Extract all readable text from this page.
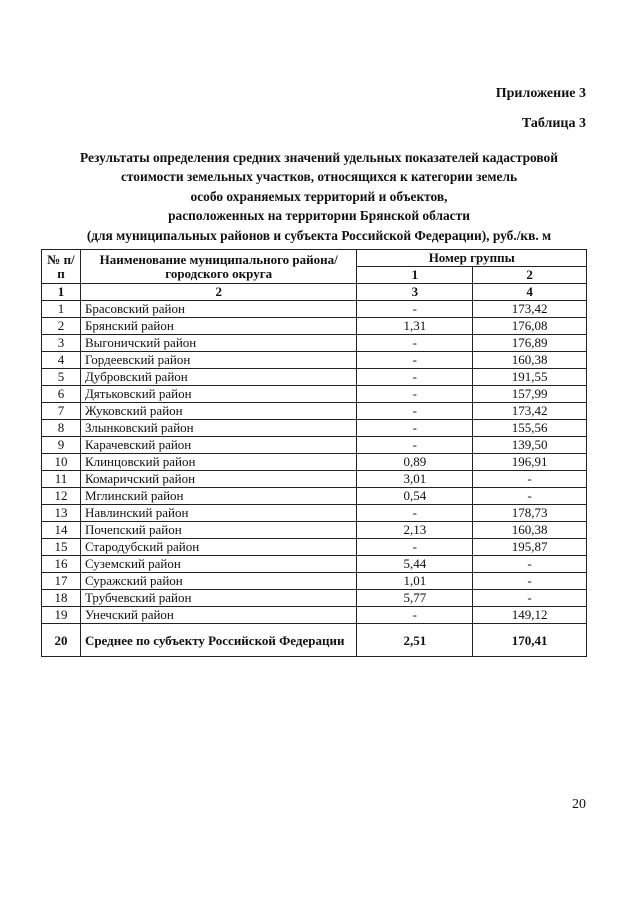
Приложение 3
Таблица 3
Результаты определения средних значений удельных показателей кадастровой
стоимости земельных участков, относящихся к категории земель
особо охраняемых территорий и объектов,
расположенных на территории Брянской области
(для муниципальных районов и субъекта Российской Федерации), руб./кв. м
№ п/п	Наименование муниципального района/городского округа	Номер группы	
		1	2
1	2	3	4
1	Брасовский район	-	173,42
2	Брянский район	1,31	176,08
3	Выгоничский район	-	176,89
4	Гордеевский район	-	160,38
5	Дубровский район	-	191,55
6	Дятьковский район	-	157,99
7	Жуковский район	-	173,42
8	Злынковский район	-	155,56
9	Карачевский район	-	139,50
10	Клинцовский район	0,89	196,91
11	Комаричский район	3,01	-
12	Мглинский район	0,54	-
13	Навлинский район	-	178,73
14	Почепский район	2,13	160,38
15	Стародубский район	-	195,87
16	Суземский район	5,44	-
17	Суражский район	1,01	-
18	Трубчевский район	5,77	-
19	Унечский район	-	149,12
20	Среднее по субъекту Российской Федерации	2,51	170,41
20
